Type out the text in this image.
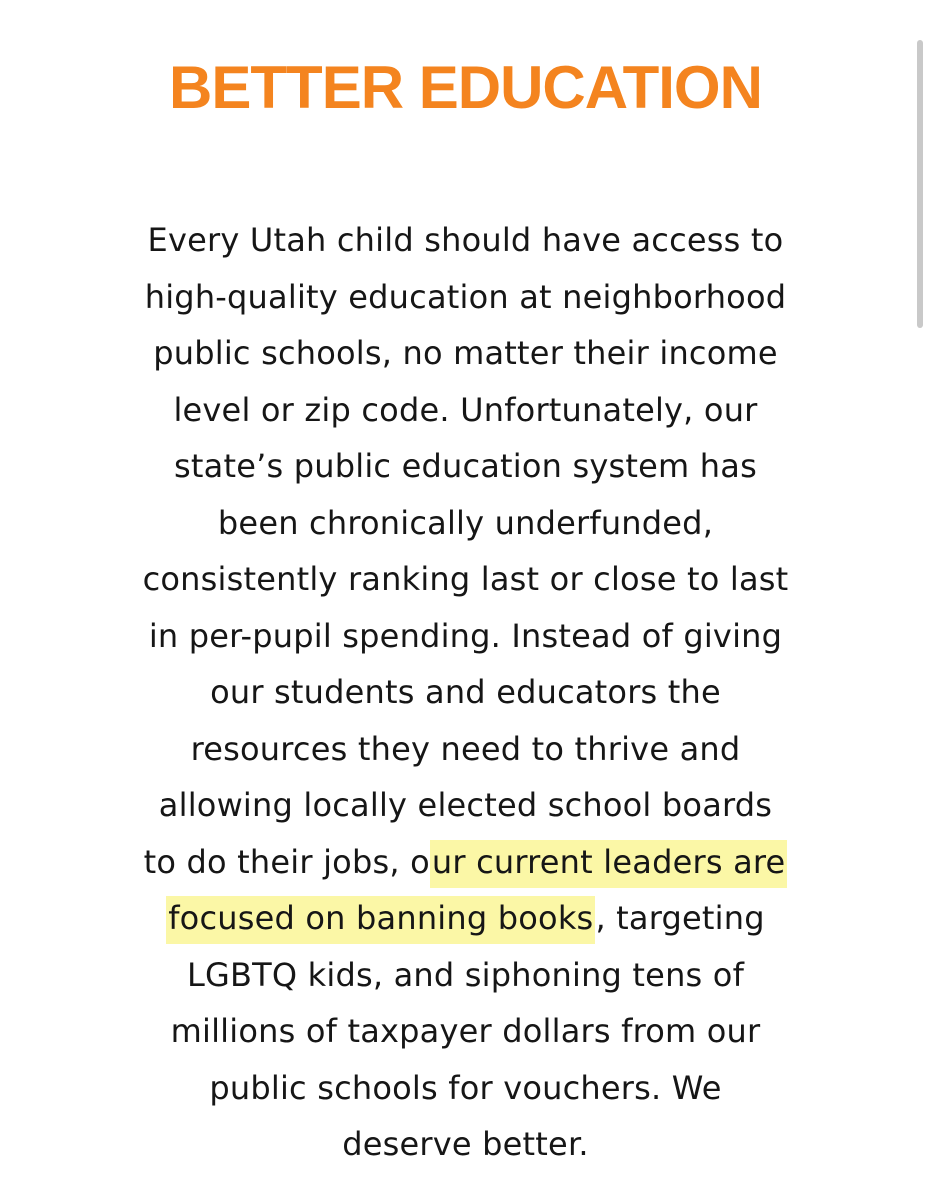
BETTER EDUCATION
Every Utah child should have access to
high-quality education at neighborhood
public schools, no matter their income
level or zip code. Unfortunately, our
state’s public education system has
been chronically underfunded,
consistently ranking last or close to last
in per-pupil spending. Instead of giving
our students and educators the
resources they need to thrive and
allowing locally elected school boards
to do their jobs, our current leaders are
focused on banning books, targeting
LGBTQ kids, and siphoning tens of
millions of taxpayer dollars from our
public schools for vouchers. We
deserve better.
